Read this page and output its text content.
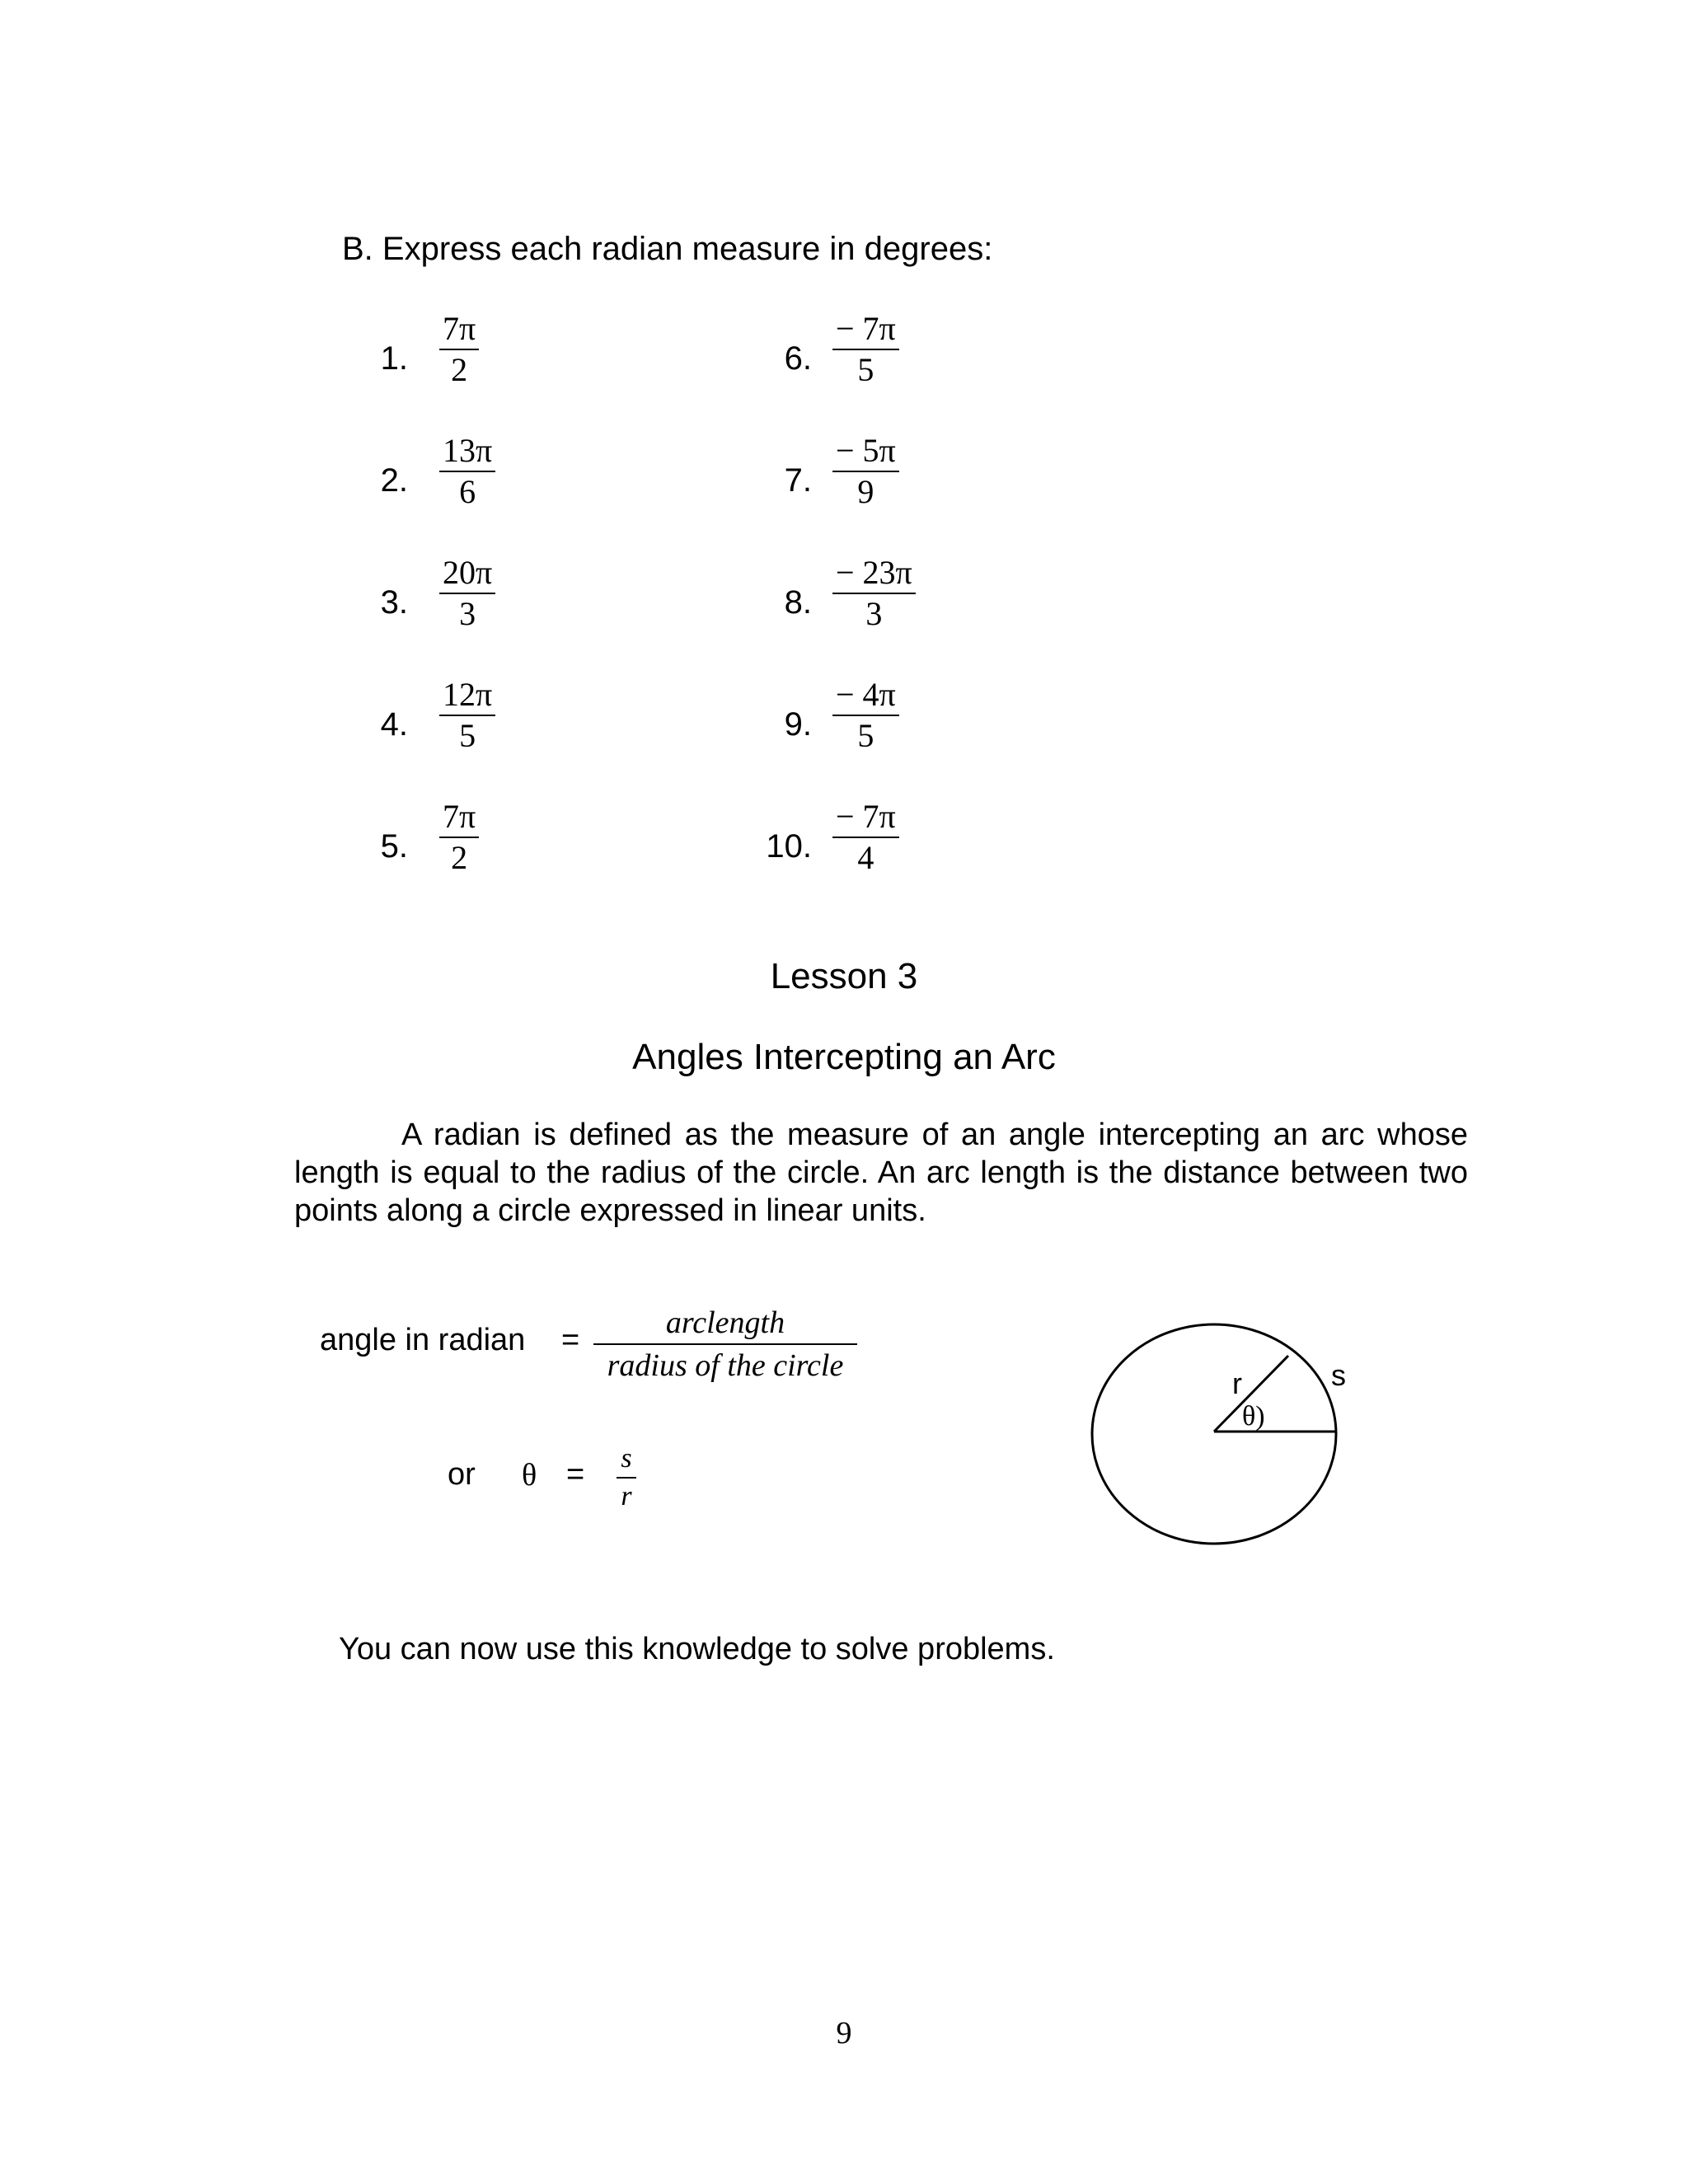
B. Express each radian measure in degrees:
1.
7π
2
2.
13π
6
3.
20π
3
4.
12π
5
5.
7π
2
6.
− 7π
5
7.
− 5π
9
8.
− 23π
3
9.
− 4π
5
10.
− 7π
4
Lesson 3
Angles Intercepting an Arc
A radian is defined as the measure of an angle intercepting an arc whose length is equal to the radius of the circle. An arc length is the distance between two points along a circle expressed in linear units.
angle in radian =	arclength
radius of the circle
or θ = s
r
r	s
θ)
You can now use this knowledge to solve problems.
9
